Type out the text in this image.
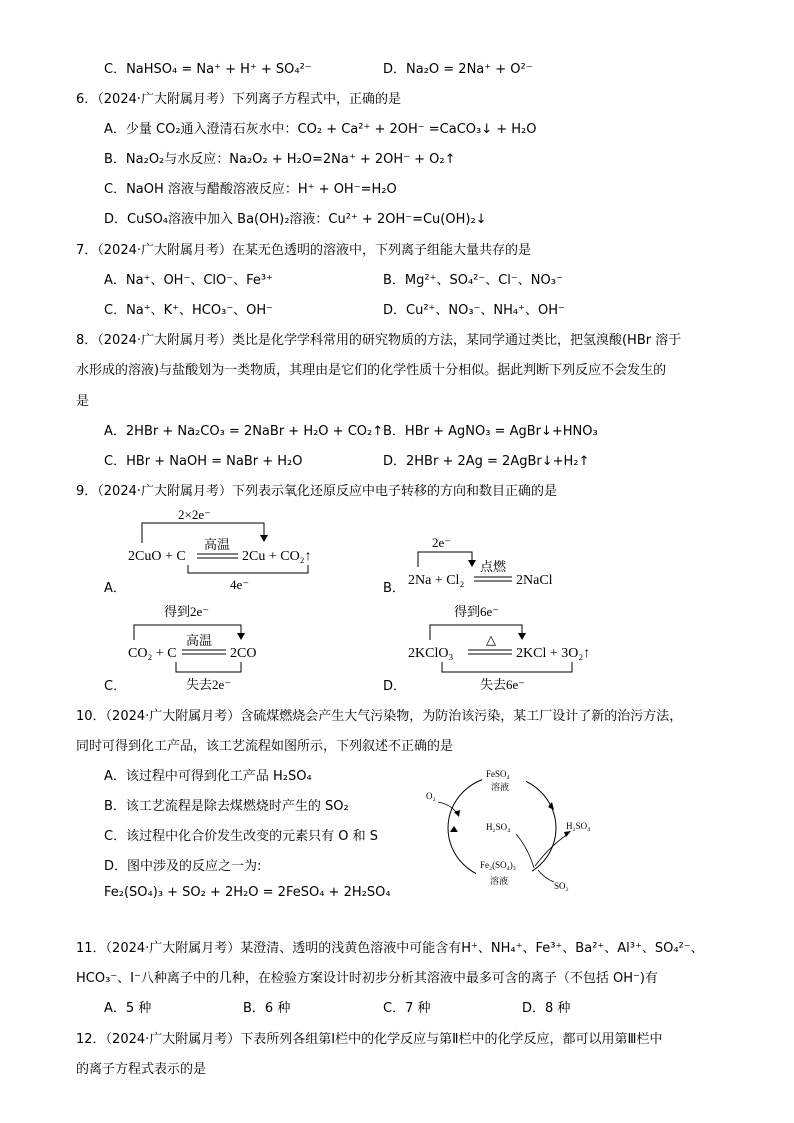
C．NaHSO₄ = Na⁺ + H⁺ + SO₄²⁻	D．Na₂O = 2Na⁺ + O²⁻
6．（2024·广大附属月考）下列离子方程式中，正确的是
A．少量 CO₂通入澄清石灰水中：CO₂ + Ca²⁺ + 2OH⁻ =CaCO₃↓ + H₂O
B．Na₂O₂与水反应：Na₂O₂ + H₂O=2Na⁺ + 2OH⁻ + O₂↑
C．NaOH 溶液与醋酸溶液反应：H⁺ + OH⁻=H₂O
D．CuSO₄溶液中加入 Ba(OH)₂溶液：Cu²⁺ + 2OH⁻=Cu(OH)₂↓
7．（2024·广大附属月考）在某无色透明的溶液中，下列离子组能大量共存的是
A．Na⁺、OH⁻、ClO⁻、Fe³⁺	B．Mg²⁺、SO₄²⁻、Cl⁻、NO₃⁻
C．Na⁺、K⁺、HCO₃⁻、OH⁻	D．Cu²⁺、NO₃⁻、NH₄⁺、OH⁻
8．（2024·广大附属月考）类比是化学学科常用的研究物质的方法，某同学通过类比，把氢溴酸(HBr 溶于
水形成的溶液)与盐酸划为一类物质，其理由是它们的化学性质十分相似。据此判断下列反应不会发生的
是
A．2HBr + Na₂CO₃ = 2NaBr + H₂O + CO₂↑ B．HBr + AgNO₃ = AgBr↓+HNO₃
C．HBr + NaOH = NaBr + H₂O	D．2HBr + 2Ag = 2AgBr↓+H₂↑
9．（2024·广大附属月考）下列表示氧化还原反应中电子转移的方向和数目正确的是
A．
2×2e⁻
2CuO + C
高温
2Cu + CO₂↑
4e⁻	B．
2e⁻
2Na + Cl₂
点燃
2NaCl
C．
得到2e⁻
CO₂ + C
高温
2CO
失去2e⁻	D．
得到6e⁻
2KClO₃
△
2KCl + 3O₂↑
失去6e⁻
10．（2024·广大附属月考）含硫煤燃烧会产生大气污染物，为防治该污染，某工厂设计了新的治污方法，
同时可得到化工产品，该工艺流程如图所示，下列叙述不正确的是
A．该过程中可得到化工产品 H₂SO₄
B．该工艺流程是除去煤燃烧时产生的 SO₂
C．该过程中化合价发生改变的元素只有 O 和 S
D．图中涉及的反应之一为:
Fe₂(SO₄)₃ + SO₂ + 2H₂O = 2FeSO₄ + 2H₂SO₄
FeSO₄
溶液
O₂
H₂SO₄	H₂SO₄
Fe₂(SO₄)₃
溶液	SO₂
11．（2024·广大附属月考）某澄清、透明的浅黄色溶液中可能含有H⁺、NH₄⁺、Fe³⁺、Ba²⁺、Al³⁺、SO₄²⁻、
HCO₃⁻、I⁻八种离子中的几种，在检验方案设计时初步分析其溶液中最多可含的离子（不包括 OH⁻)有
A．5 种	B．6 种	C．7 种	D．8 种
12．（2024·广大附属月考）下表所列各组第Ⅰ栏中的化学反应与第Ⅱ栏中的化学反应，都可以用第Ⅲ栏中
的离子方程式表示的是
